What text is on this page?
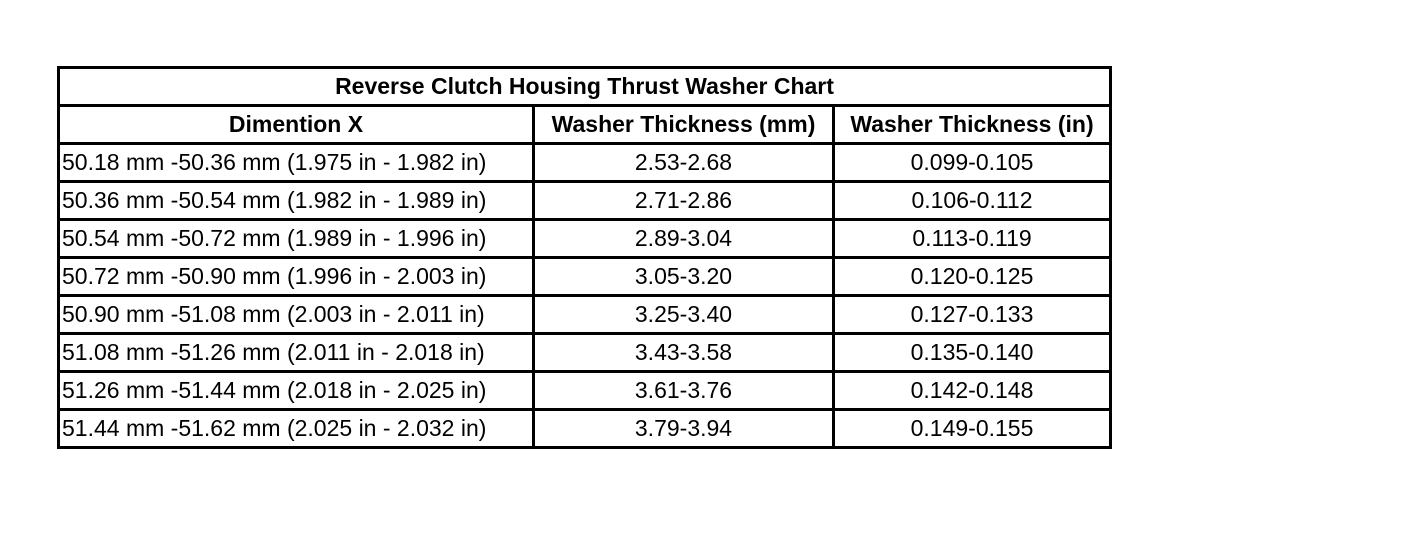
Reverse Clutch Housing Thrust Washer Chart		
Dimention X	Washer Thickness (mm)	Washer Thickness (in)
50.18 mm -50.36 mm (1.975 in - 1.982 in)	2.53-2.68	0.099-0.105
50.36 mm -50.54 mm (1.982 in - 1.989 in)	2.71-2.86	0.106-0.112
50.54 mm -50.72 mm (1.989 in - 1.996 in)	2.89-3.04	0.113-0.119
50.72 mm -50.90 mm (1.996 in - 2.003 in)	3.05-3.20	0.120-0.125
50.90 mm -51.08 mm (2.003 in - 2.011 in)	3.25-3.40	0.127-0.133
51.08 mm -51.26 mm (2.011 in - 2.018 in)	3.43-3.58	0.135-0.140
51.26 mm -51.44 mm (2.018 in - 2.025 in)	3.61-3.76	0.142-0.148
51.44 mm -51.62 mm (2.025 in - 2.032 in)	3.79-3.94	0.149-0.155
